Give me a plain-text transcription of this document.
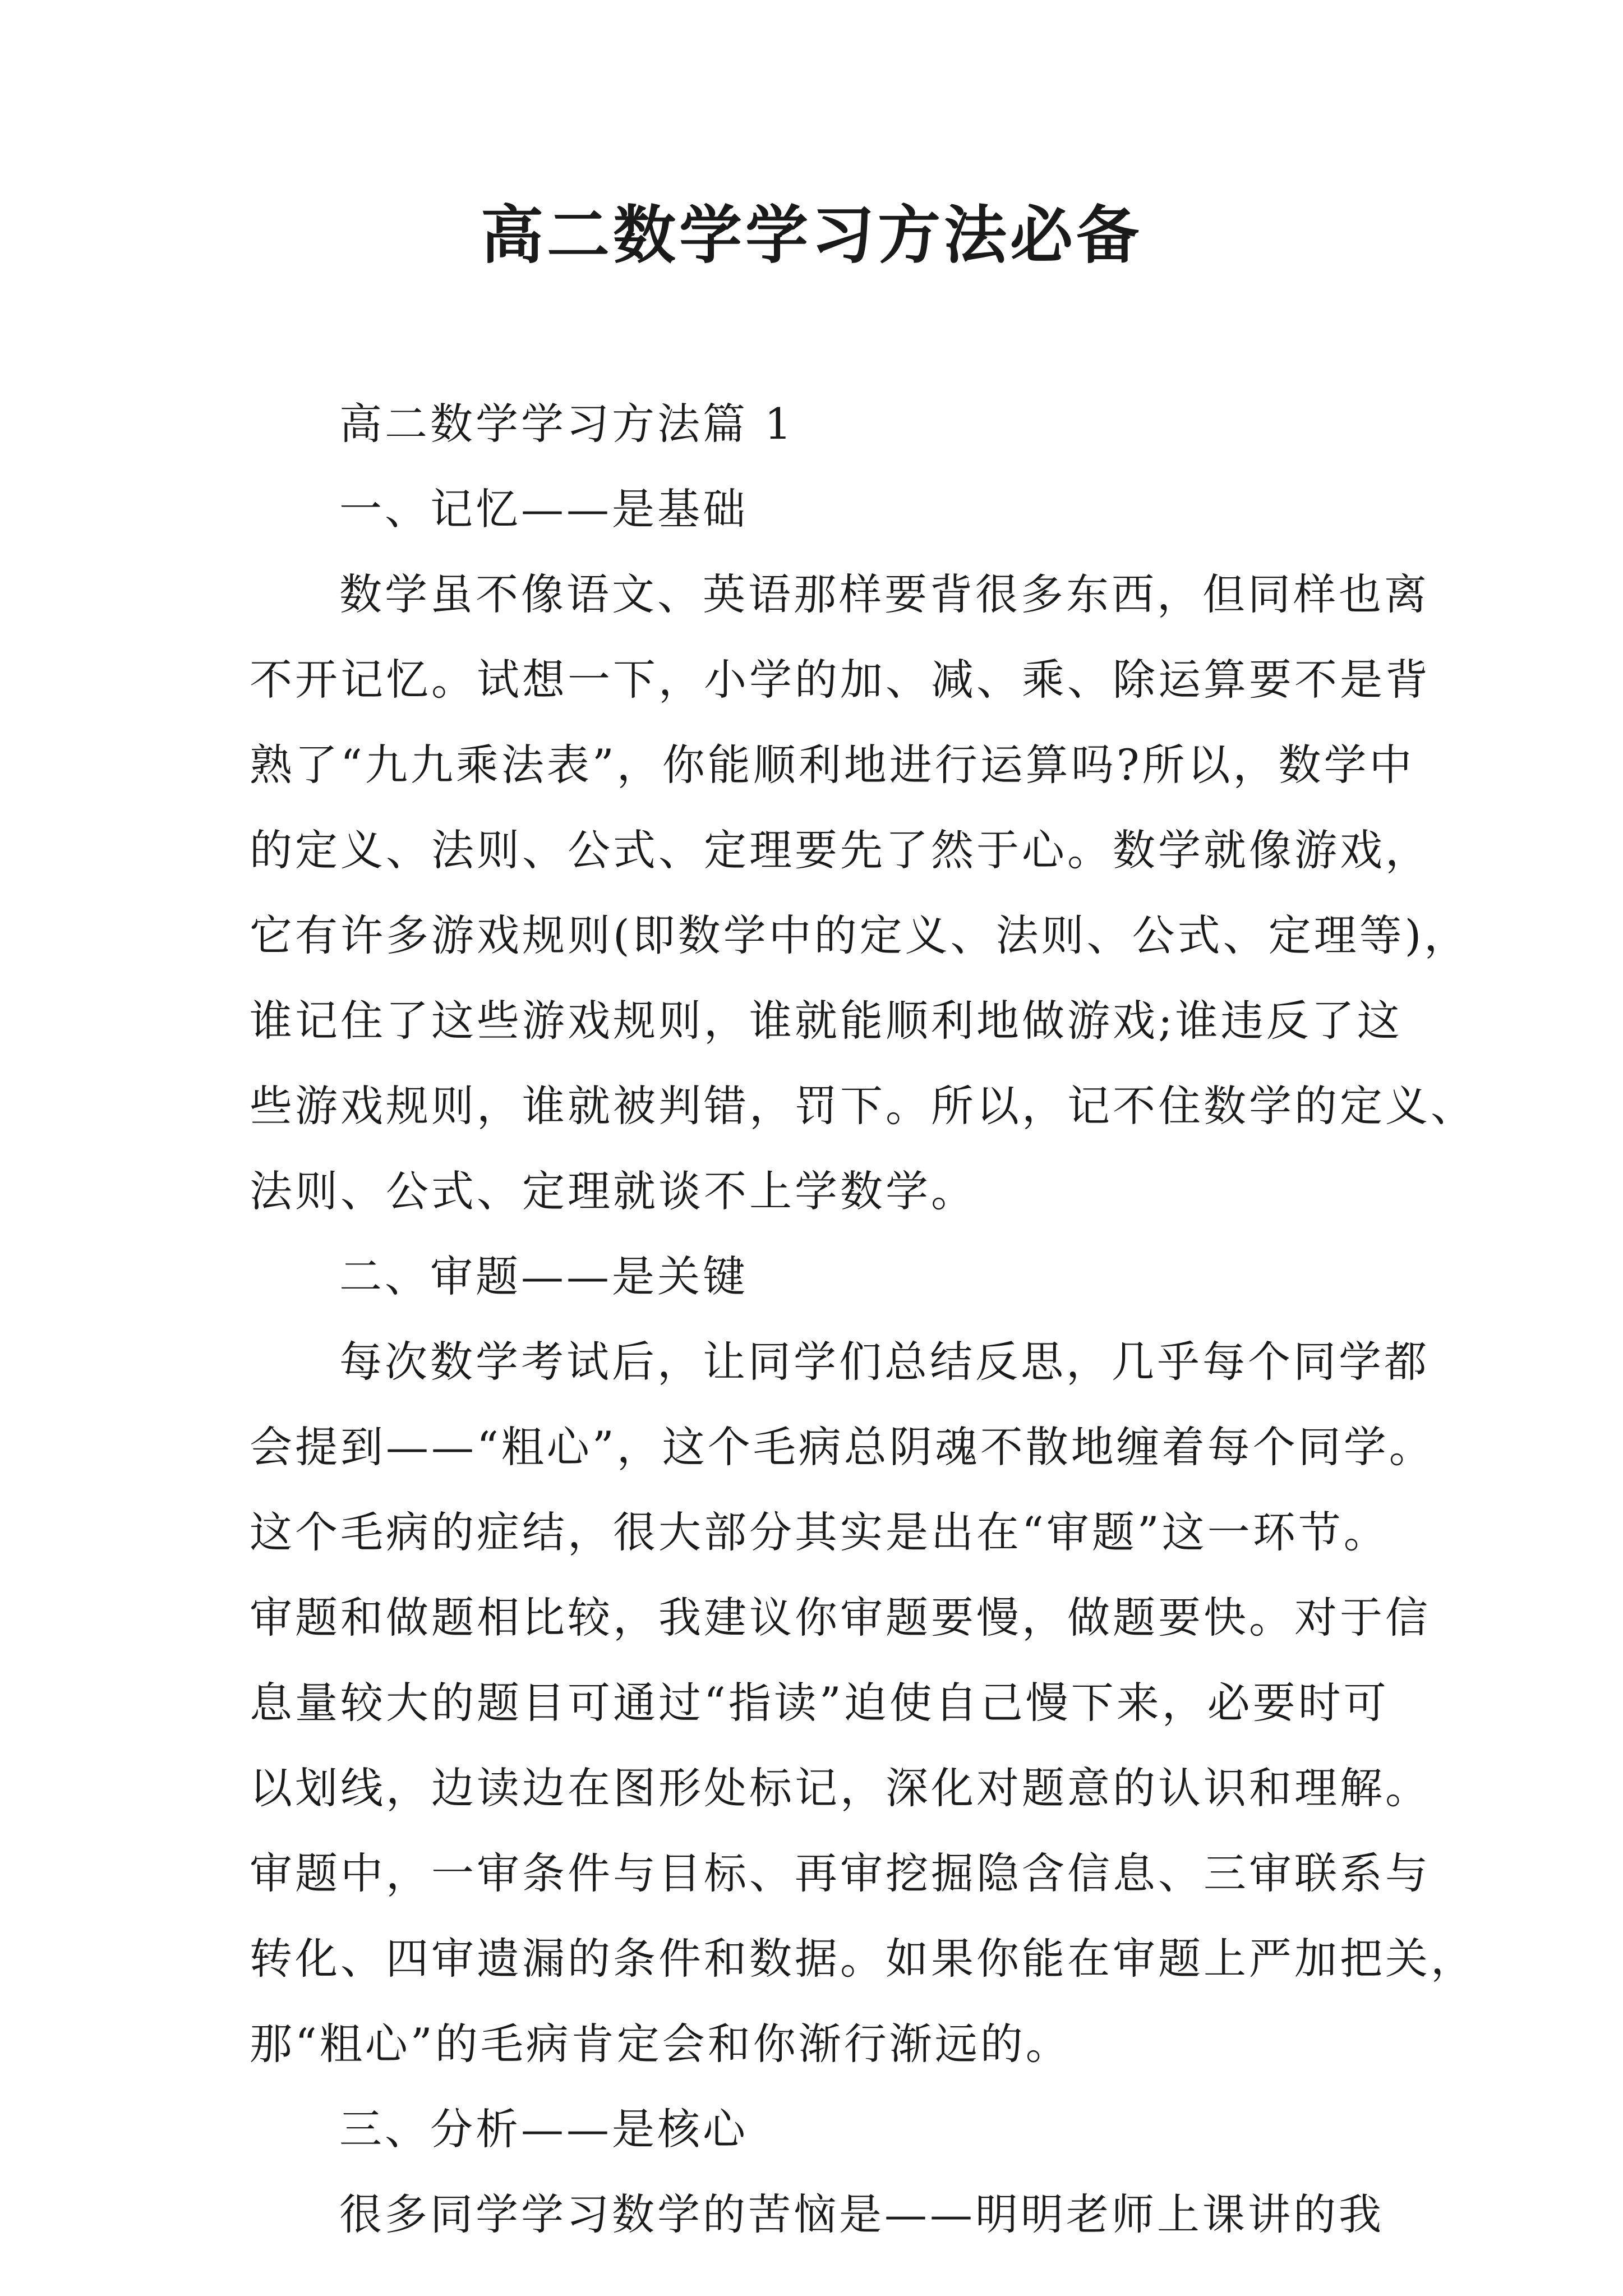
高二数学学习方法必备
高二数学学习方法篇 1
一、记忆——是基础
数学虽不像语文、英语那样要背很多东西，但同样也离
不开记忆。试想一下，小学的加、减、乘、除运算要不是背
熟了“九九乘法表”，你能顺利地进行运算吗?所以，数学中
的定义、法则、公式、定理要先了然于心。数学就像游戏，
它有许多游戏规则(即数学中的定义、法则、公式、定理等)，
谁记住了这些游戏规则，谁就能顺利地做游戏;谁违反了这
些游戏规则，谁就被判错，罚下。所以，记不住数学的定义、
法则、公式、定理就谈不上学数学。
二、审题——是关键
每次数学考试后，让同学们总结反思，几乎每个同学都
会提到——“粗心”，这个毛病总阴魂不散地缠着每个同学。
这个毛病的症结，很大部分其实是出在“审题”这一环节。
审题和做题相比较，我建议你审题要慢，做题要快。对于信
息量较大的题目可通过“指读”迫使自己慢下来，必要时可
以划线，边读边在图形处标记，深化对题意的认识和理解。
审题中，一审条件与目标、再审挖掘隐含信息、三审联系与
转化、四审遗漏的条件和数据。如果你能在审题上严加把关，
那“粗心”的毛病肯定会和你渐行渐远的。
三、分析——是核心
很多同学学习数学的苦恼是——明明老师上课讲的我
